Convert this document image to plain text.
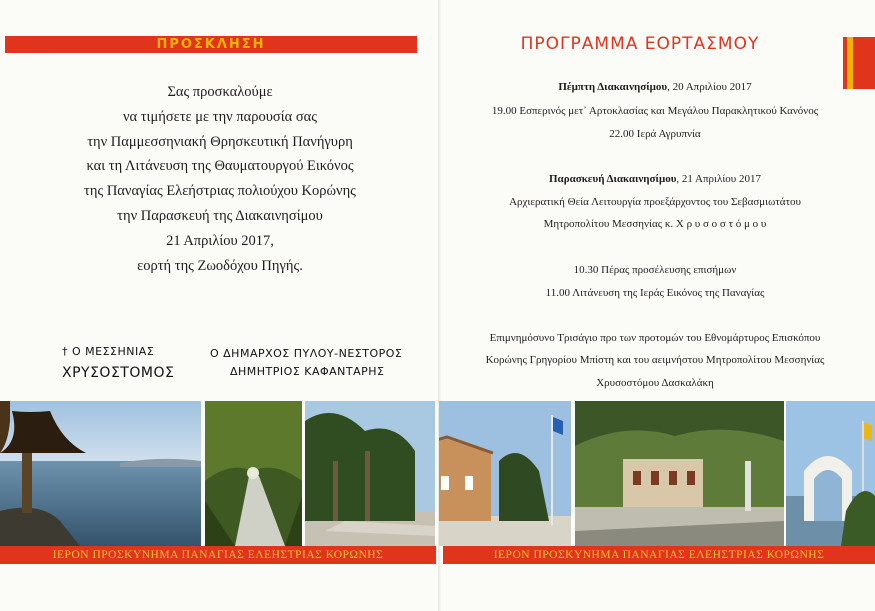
ΠΡΟΣΚΛΗΣΗ
Σας προσκαλούμε
να τιμήσετε με την παρουσία σας
την Παμμεσσηνιακή Θρησκευτική Πανήγυρη
και τη Λιτάνευση της Θαυματουργού Εικόνος
της Παναγίας Ελεήστριας πολιούχου Κορώνης
την Παρασκευή της Διακαινησίμου
21 Απριλίου 2017,
εορτή της Ζωοδόχου Πηγής.
† Ο ΜΕΣΣΗΝΙΑΣ
ΧΡΥΣΟΣΤΟΜΟΣ
Ο ΔΗΜΑΡΧΟΣ ΠΥΛΟΥ-ΝΕΣΤΟΡΟΣ
ΔΗΜΗΤΡΙΟΣ ΚΑΦΑΝΤΑΡΗΣ
ΠΡΟΓΡΑΜΜΑ ΕΟΡΤΑΣΜΟΥ
Πέμπτη Διακαινησίμου, 20 Απριλίου 2017
19.00 Εσπερινός μετ᾽ Αρτοκλασίας και Μεγάλου Παρακλητικού Κανόνος
22.00 Ιερά Αγρυπνία
Παρασκευή Διακαινησίμου, 21 Απριλίου 2017
Αρχιερατική Θεία Λειτουργία προεξάρχοντος του Σεβασμιωτάτου
Μητροπολίτου Μεσσηνίας κ. Χ ρ υ σ ο σ τ ό μ ο υ
10.30 Πέρας προσέλευσης επισήμων
11.00 Λιτάνευση της Ιεράς Εικόνος της Παναγίας
Επιμνημόσυνο Τρισάγιο προ των προτομών του Εθνομάρτυρος Επισκόπου
Κορώνης Γρηγορίου Μπίστη και του αειμνήστου Μητροπολίτου Μεσσηνίας
Χρυσοστόμου Δασκαλάκη
ΙΕΡΟΝ ΠΡΟΣΚΥΝΗΜΑ ΠΑΝΑΓΙΑΣ ΕΛΕΗΣΤΡΙΑΣ ΚΟΡΩΝΗΣ	ΙΕΡΟΝ ΠΡΟΣΚΥΝΗΜΑ ΠΑΝΑΓΙΑΣ ΕΛΕΗΣΤΡΙΑΣ ΚΟΡΩΝΗΣ
